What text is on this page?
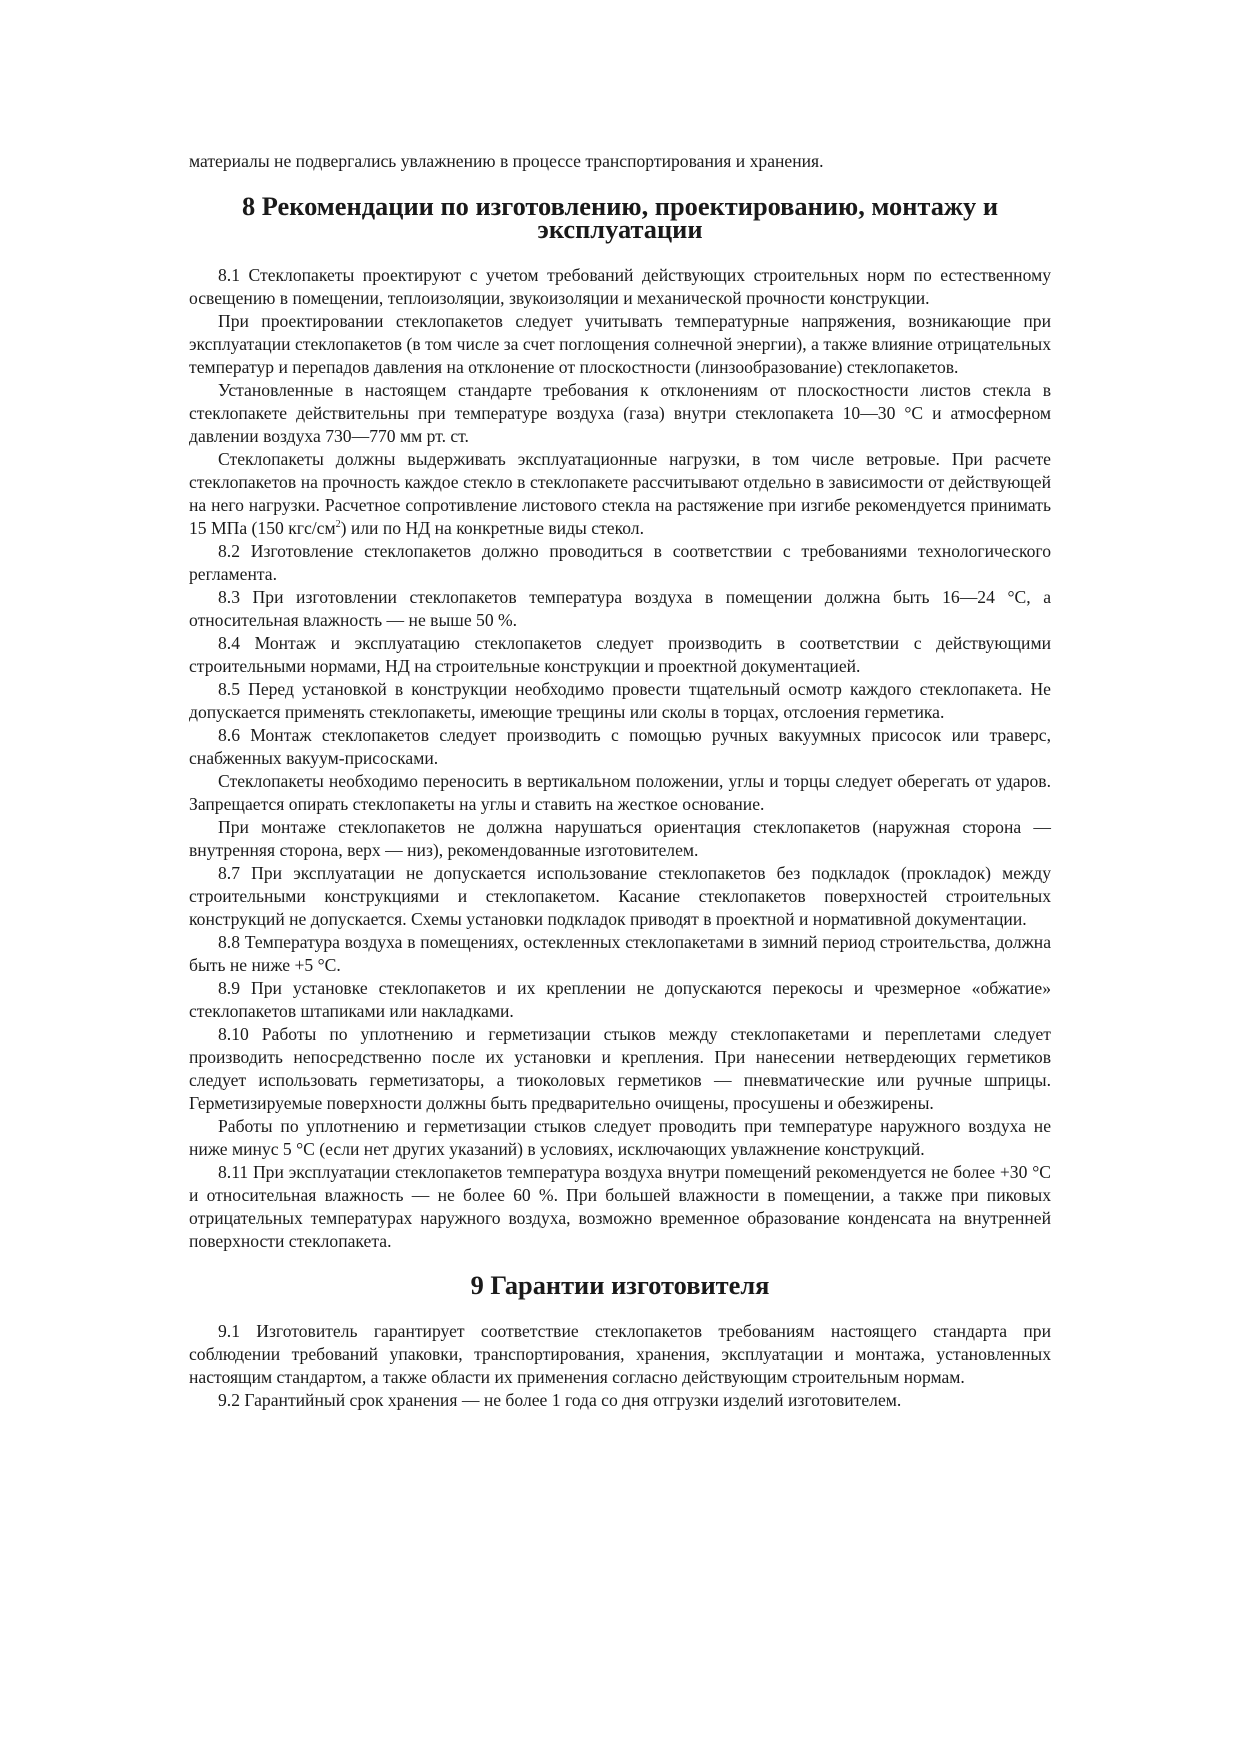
материалы не подвергались увлажнению в процессе транспортирования и хранения.

8 Рекомендации по изготовлению, проектированию, монтажу и эксплуатации

8.1 Стеклопакеты проектируют с учетом требований действующих строительных норм по естественному освещению в помещении, теплоизоляции, звукоизоляции и механической прочности конструкции.

При проектировании стеклопакетов следует учитывать температурные напряжения, возникающие при эксплуатации стеклопакетов (в том числе за счет поглощения солнечной энергии), а также влияние отрицательных температур и перепадов давления на отклонение от плоскостности (линзообразование) стеклопакетов.

Установленные в настоящем стандарте требования к отклонениям от плоскостности листов стекла в стеклопакете действительны при температуре воздуха (газа) внутри стеклопакета 10—30 °С и атмосферном давлении воздуха 730—770 мм рт. ст.

Стеклопакеты должны выдерживать эксплуатационные нагрузки, в том числе ветровые. При расчете стеклопакетов на прочность каждое стекло в стеклопакете рассчитывают отдельно в зависимости от действующей на него нагрузки. Расчетное сопротивление листового стекла на растяжение при изгибе рекомендуется принимать 15 МПа (150 кгс/$см^2$) или по НД на конкретные виды стекол.

8.2 Изготовление стеклопакетов должно проводиться в соответствии с требованиями технологического регламента.

8.3 При изготовлении стеклопакетов температура воздуха в помещении должна быть 16—24 °С, а относительная влажность — не выше 50 %.

8.4 Монтаж и эксплуатацию стеклопакетов следует производить в соответствии с действующими строительными нормами, НД на строительные конструкции и проектной документацией.

8.5 Перед установкой в конструкции необходимо провести тщательный осмотр каждого стеклопакета. Не допускается применять стеклопакеты, имеющие трещины или сколы в торцах, отслоения герметика.

8.6 Монтаж стеклопакетов следует производить с помощью ручных вакуумных присосок или траверс, снабженных вакуум-присосками.

Стеклопакеты необходимо переносить в вертикальном положении, углы и торцы следует оберегать от ударов. Запрещается опирать стеклопакеты на углы и ставить на жесткое основание.

При монтаже стеклопакетов не должна нарушаться ориентация стеклопакетов (наружная сторона — внутренняя сторона, верх — низ), рекомендованные изготовителем.

8.7 При эксплуатации не допускается использование стеклопакетов без подкладок (прокладок) между строительными конструкциями и стеклопакетом. Касание стеклопакетов поверхностей строительных конструкций не допускается. Схемы установки подкладок приводят в проектной и нормативной документации.

8.8 Температура воздуха в помещениях, остекленных стеклопакетами в зимний период строительства, должна быть не ниже +5 °С.

8.9 При установке стеклопакетов и их креплении не допускаются перекосы и чрезмерное «обжатие» стеклопакетов штапиками или накладками.

8.10 Работы по уплотнению и герметизации стыков между стеклопакетами и переплетами следует производить непосредственно после их установки и крепления. При нанесении нетвердеющих герметиков следует использовать герметизаторы, а тиоколовых герметиков — пневматические или ручные шприцы. Герметизируемые поверхности должны быть предварительно очищены, просушены и обезжирены.

Работы по уплотнению и герметизации стыков следует проводить при температуре наружного воздуха не ниже минус 5 °С (если нет других указаний) в условиях, исключающих увлажнение конструкций.

8.11 При эксплуатации стеклопакетов температура воздуха внутри помещений рекомендуется не более +30 °С и относительная влажность — не более 60 %. При большей влажности в помещении, а также при пиковых отрицательных температурах наружного воздуха, возможно временное образование конденсата на внутренней поверхности стеклопакета.

9 Гарантии изготовителя

9.1 Изготовитель гарантирует соответствие стеклопакетов требованиям настоящего стандарта при соблюдении требований упаковки, транспортирования, хранения, эксплуатации и монтажа, установленных настоящим стандартом, а также области их применения согласно действующим строительным нормам.

9.2 Гарантийный срок хранения — не более 1 года со дня отгрузки изделий изготовителем.
